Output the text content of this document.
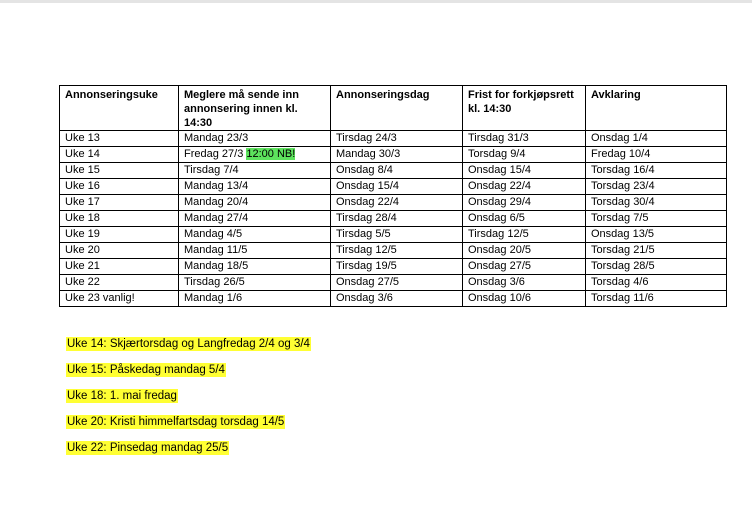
Annonseringsuke	Meglere må sende inn annonsering innen kl. 14:30	Annonseringsdag	Frist for forkjøpsrett kl. 14:30	Avklaring
Uke 13	Mandag 23/3	Tirsdag 24/3	Tirsdag 31/3	Onsdag 1/4
Uke 14	Fredag 27/3 12:00 NB!	Mandag 30/3	Torsdag 9/4	Fredag 10/4
Uke 15	Tirsdag 7/4	Onsdag 8/4	Onsdag 15/4	Torsdag 16/4
Uke 16	Mandag 13/4	Onsdag 15/4	Onsdag 22/4	Torsdag 23/4
Uke 17	Mandag 20/4	Onsdag 22/4	Onsdag 29/4	Torsdag 30/4
Uke 18	Mandag 27/4	Tirsdag 28/4	Onsdag 6/5	Torsdag 7/5
Uke 19	Mandag 4/5	Tirsdag 5/5	Tirsdag 12/5	Onsdag 13/5
Uke 20	Mandag 11/5	Tirsdag 12/5	Onsdag 20/5	Torsdag 21/5
Uke 21	Mandag 18/5	Tirsdag 19/5	Onsdag 27/5	Torsdag 28/5
Uke 22	Tirsdag 26/5	Onsdag 27/5	Onsdag 3/6	Torsdag 4/6
Uke 23 vanlig!	Mandag 1/6	Onsdag 3/6	Onsdag 10/6	Torsdag 11/6

Uke 14: Skjærtorsdag og Langfredag 2/4 og 3/4

Uke 15: Påskedag mandag 5/4

Uke 18: 1. mai fredag

Uke 20: Kristi himmelfartsdag torsdag 14/5

Uke 22: Pinsedag mandag 25/5
